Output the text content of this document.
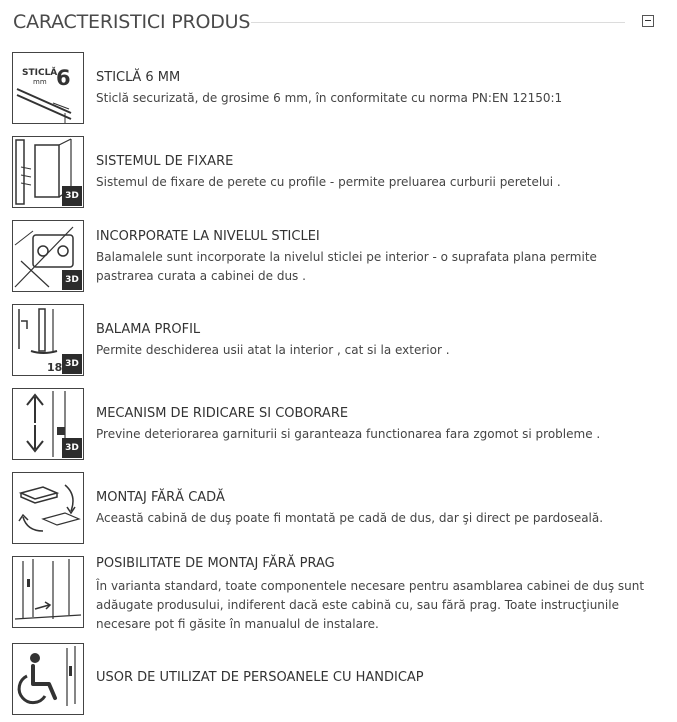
CARACTERISTICI PRODUS
STICLĂ
mm 6 STICLĂ 6 MM
Sticlă securizată, de grosime 6 mm, în conformitate cu norma PN:EN 12150:1
3D
SISTEMUL DE FIXARE
Sistemul de fixare de perete cu profile - permite preluarea curburii peretelui .
3D
INCORPORATE LA NIVELUL STICLEI
Balamalele sunt incorporate la nivelul sticlei pe interior - o suprafata plana permite pastrarea curata a cabinei de dus .
18 3D
BALAMA PROFIL
Permite deschiderea usii atat la interior , cat si la exterior .
3D
MECANISM DE RIDICARE SI COBORARE
Previne deteriorarea garniturii si garanteaza functionarea fara zgomot si probleme .
MONTAJ FĂRĂ CADĂ
Această cabină de duş poate fi montată pe cadă de dus, dar şi direct pe pardoseală.
POSIBILITATE DE MONTAJ FĂRĂ PRAG
În varianta standard, toate componentele necesare pentru asamblarea cabinei de duş sunt adăugate produsului, indiferent dacă este cabină cu, sau fără prag. Toate instrucţiunile necesare pot fi găsite în manualul de instalare.
USOR DE UTILIZAT DE PERSOANELE CU HANDICAP
